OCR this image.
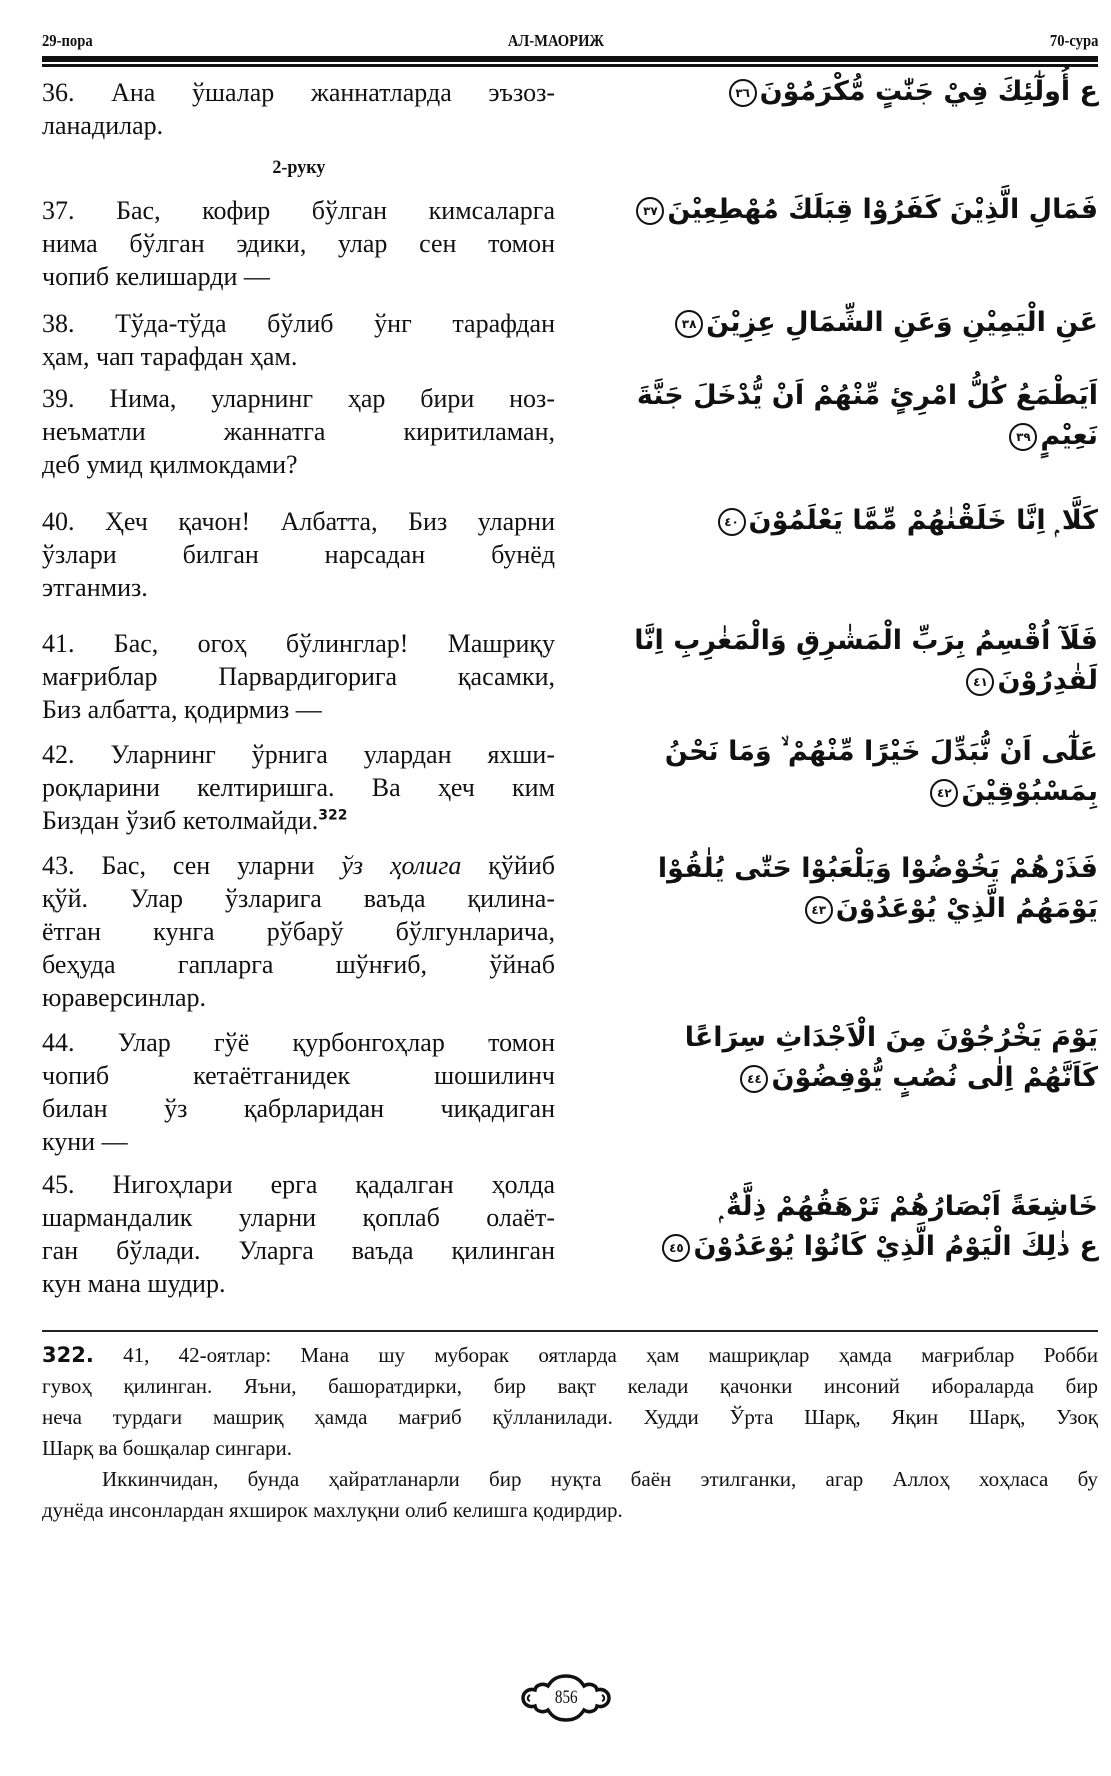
29-пора	АЛ-МАОРИЖ	70-сура
36. Ана ўшалар жаннатларда эъзоз-
ланадилар.
2-руку
37. Бас, кофир бўлган кимсаларга
нима бўлган эдики, улар сен томон
чопиб келишарди —
38. Тўда-тўда бўлиб ўнг тарафдан
ҳам, чап тарафдан ҳам.
39. Нима, уларнинг ҳар бири ноз-
неъматли жаннатга киритиламан,
деб умид қилмокдами?
40. Ҳеч қачон! Албатта, Биз уларни
ўзлари билган нарсадан бунёд
этганмиз.
41. Бас, огоҳ бўлинглар! Машриқу
мағриблар Парвардигорига қасамки,
Биз албатта, қодирмиз —
42. Уларнинг ўрнига улардан яхши-
роқларини келтиришга. Ва ҳеч ким
Биздан ўзиб кетолмайди.$^{322}$
43. Бас, сен уларни ўз ҳолига қўйиб
қўй. Улар ўзларига ваъда қилина-
ётган кунга рўбарў бўлгунларича,
беҳуда гапларга шўнғиб, ўйнаб
юраверсинлар.
44. Улар гўё қурбонгоҳлар томон
чопиб кетаётганидек шошилинч
билан ўз қабрларидан чиқадиган
куни —
45. Нигоҳлари ерга қадалган ҳолда
шармандалик уларни қоплаб олаёт-
ган бўлади. Уларга ваъда қилинган
кун мана шудир.
ع أُولٰٓئِكَ فِيْ جَنّٰتٍ مُّكْرَمُوْنَ٣٦
فَمَالِ الَّذِيْنَ كَفَرُوْا قِبَلَكَ مُهْطِعِيْنَ٣٧
عَنِ الْيَمِيْنِ وَعَنِ الشِّمَالِ عِزِيْنَ٣٨
اَيَطْمَعُ كُلُّ امْرِئٍ مِّنْهُمْ اَنْ يُّدْخَلَ جَنَّةَ
نَعِيْمٍ٣٩
كَلَّا ۭ اِنَّا خَلَقْنٰهُمْ مِّمَّا يَعْلَمُوْنَ٤٠
فَلَآ اُقْسِمُ بِرَبِّ الْمَشٰرِقِ وَالْمَغٰرِبِ اِنَّا
لَقٰدِرُوْنَ٤١
عَلٰٓى اَنْ نُّبَدِّلَ خَيْرًا مِّنْهُمْ ۙ وَمَا نَحْنُ
بِمَسْبُوْقِيْنَ٤٢
فَذَرْهُمْ يَخُوْضُوْا وَيَلْعَبُوْا حَتّٰى يُلٰقُوْا
يَوْمَهُمُ الَّذِيْ يُوْعَدُوْنَ٤٣
يَوْمَ يَخْرُجُوْنَ مِنَ الْاَجْدَاثِ سِرَاعًا
كَاَنَّهُمْ اِلٰى نُصُبٍ يُّوْفِضُوْنَ٤٤
خَاشِعَةً اَبْصَارُهُمْ تَرْهَقُهُمْ ذِلَّةٌ ۭ
ع ذٰلِكَ الْيَوْمُ الَّذِيْ كَانُوْا يُوْعَدُوْنَ٤٥
322. 41, 42-оятлар: Мана шу муборак оятларда ҳам машриқлар ҳамда мағриблар Робби
гувоҳ қилинган. Яъни, башоратдирки, бир вақт келади қачонки инсоний ибораларда бир
неча турдаги машриқ ҳамда мағриб қўлланилади. Худди Ўрта Шарқ, Яқин Шарқ, Узоқ
Шарқ ва бошқалар сингари.
Иккинчидан, бунда ҳайратланарли бир нуқта баён этилганки, агар Аллоҳ хоҳласа бу
дунёда инсонлардан яхширок махлуқни олиб келишга қодирдир.
856
